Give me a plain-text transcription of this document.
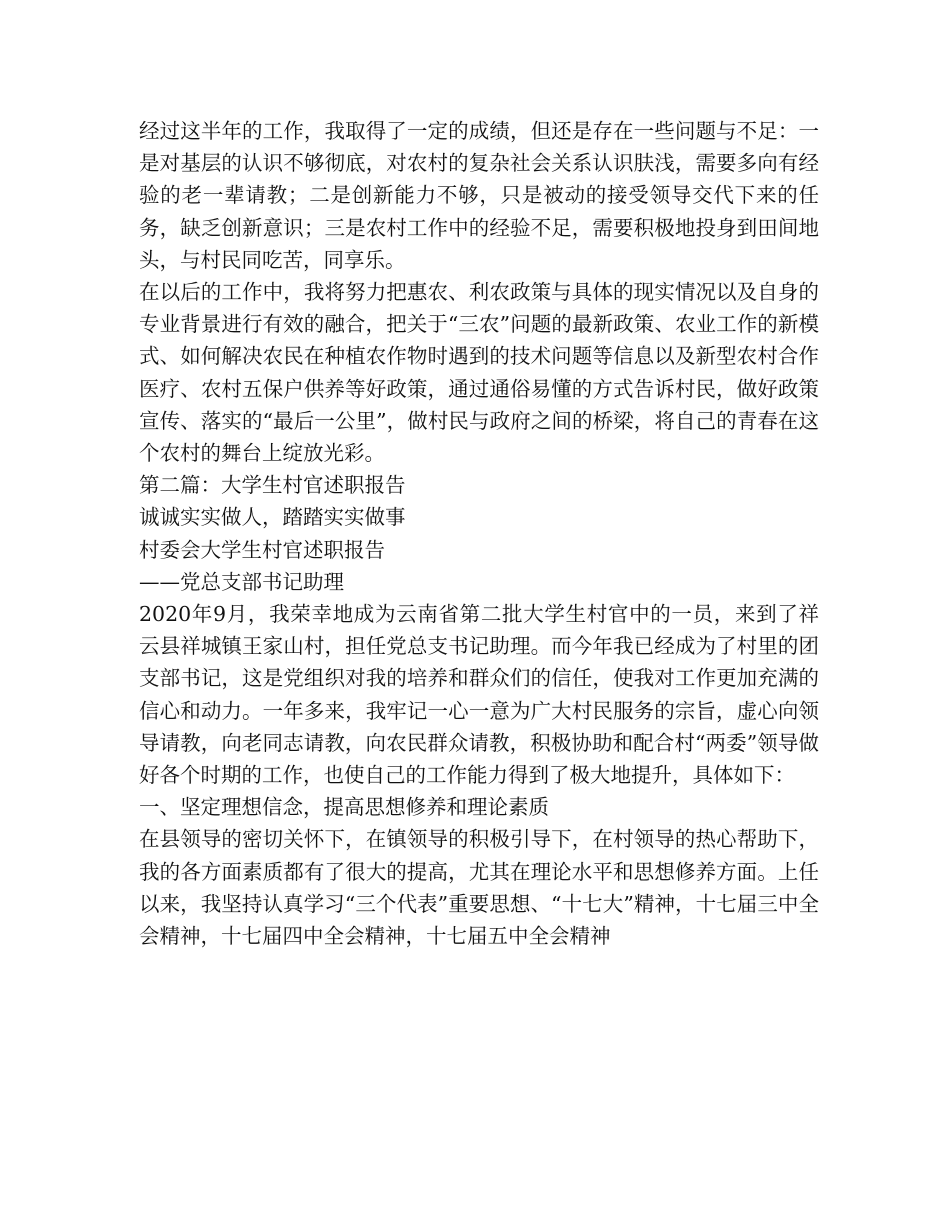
经过这半年的工作，我取得了一定的成绩，但还是存在一些问题与不足：一是对基层的认识不够彻底，对农村的复杂社会关系认识肤浅，需要多向有经验的老一辈请教；二是创新能力不够，只是被动的接受领导交代下来的任务，缺乏创新意识；三是农村工作中的经验不足，需要积极地投身到田间地头，与村民同吃苦，同享乐。

在以后的工作中，我将努力把惠农、利农政策与具体的现实情况以及自身的专业背景进行有效的融合，把关于“三农”问题的最新政策、农业工作的新模式、如何解决农民在种植农作物时遇到的技术问题等信息以及新型农村合作医疗、农村五保户供养等好政策，通过通俗易懂的方式告诉村民，做好政策宣传、落实的“最后一公里”，做村民与政府之间的桥梁，将自己的青春在这个农村的舞台上绽放光彩。

第二篇：大学生村官述职报告

诚诚实实做人，踏踏实实做事

村委会大学生村官述职报告

——党总支部书记助理

2020年9月，我荣幸地成为云南省第二批大学生村官中的一员，来到了祥云县祥城镇王家山村，担任党总支书记助理。而今年我已经成为了村里的团支部书记，这是党组织对我的培养和群众们的信任，使我对工作更加充满的信心和动力。一年多来，我牢记一心一意为广大村民服务的宗旨，虚心向领导请教，向老同志请教，向农民群众请教，积极协助和配合村“两委”领导做好各个时期的工作，也使自己的工作能力得到了极大地提升，具体如下：

一、坚定理想信念，提高思想修养和理论素质

在县领导的密切关怀下，在镇领导的积极引导下，在村领导的热心帮助下，我的各方面素质都有了很大的提高，尤其在理论水平和思想修养方面。上任以来，我坚持认真学习“三个代表”重要思想、“十七大”精神，十七届三中全会精神，十七届四中全会精神，十七届五中全会精神
